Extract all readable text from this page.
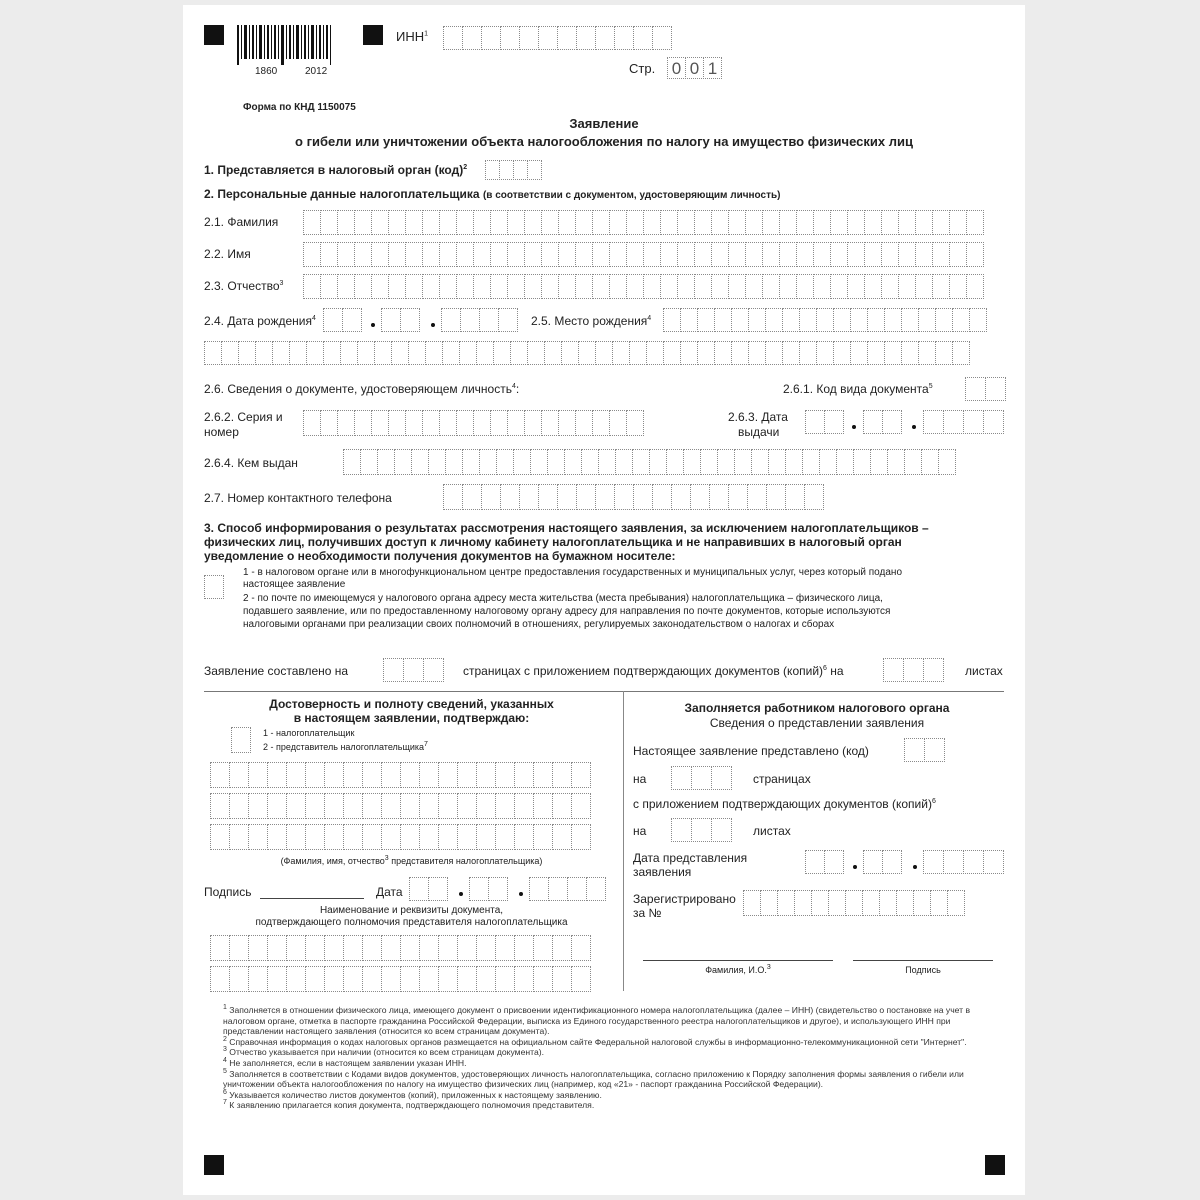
1860	2012
ИНН$^1$
Стр. 0 0 1
Форма по КНД 1150075
Заявление
о гибели или уничтожении объекта налогообложения по налогу на имущество физических лиц
1. Представляется в налоговый орган (код)$^2$
2. Персональные данные налогоплательщика (в соответствии с документом, удостоверяющим личность)
2.1. Фамилия
2.2. Имя
2.3. Отчество$^3$
2.4. Дата рождения$^4$	2.5. Место рождения$^4$
2.6. Сведения о документе, удостоверяющем личность$^4$:	2.6.1. Код вида документа$^5$
2.6.2. Серия и
номер
2.6.3. Дата
выдачи
2.6.4. Кем выдан
2.7. Номер контактного телефона
3. Способ информирования о результатах рассмотрения настоящего заявления, за исключением налогоплательщиков –
физических лиц, получивших доступ к личному кабинету налогоплательщика и не направивших в налоговый орган
уведомление о необходимости получения документов на бумажном носителе:
1 - в налоговом органе или в многофункциональном центре предоставления государственных и муниципальных услуг, через который подано
настоящее заявление
2 - по почте по имеющемуся у налогового органа адресу места жительства (места пребывания) налогоплательщика – физического лица,
подавшего заявление, или по предоставленному налоговому органу адресу для направления по почте документов, которые используются
налоговыми органами при реализации своих полномочий в отношениях, регулируемых законодательством о налогах и сборах
Заявление составлено на	страницах с приложением подтверждающих документов (копий)$^6$ на	листах
Достоверность и полноту сведений, указанных
в настоящем заявлении, подтверждаю:
1 - налогоплательщик
2 - представитель налогоплательщика$^7$
(Фамилия, имя, отчество$^3$ представителя налогоплательщика)
Подпись	Дата
Наименование и реквизиты документа,
подтверждающего полномочия представителя налогоплательщика
Заполняется работником налогового органа
Сведения о представлении заявления
Настоящее заявление представлено (код)
на	страницах
с приложением подтверждающих документов (копий)$^6$
на	листах
Дата представления
заявления
Зарегистрировано
за №
Фамилия, И.О.$^3$	Подпись
$^1$ Заполняется в отношении физического лица, имеющего документ о присвоении идентификационного номера налогоплательщика (далее – ИНН) (свидетельство о постановке на учет в налоговом органе, отметка в паспорте гражданина Российской Федерации, выписка из Единого государственного реестра налогоплательщиков и другое), и использующего ИНН при представлении настоящего заявления (относится ко всем страницам документа).
$^2$ Справочная информация о кодах налоговых органов размещается на официальном сайте Федеральной налоговой службы в информационно-телекоммуникационной сети "Интернет".
$^3$ Отчество указывается при наличии (относится ко всем страницам документа).
$^4$ Не заполняется, если в настоящем заявлении указан ИНН.
$^5$ Заполняется в соответствии с Кодами видов документов, удостоверяющих личность налогоплательщика, согласно приложению к Порядку заполнения формы заявления о гибели или уничтожении объекта налогообложения по налогу на имущество физических лиц (например, код «21» - паспорт гражданина Российской Федерации).
$^6$ Указывается количество листов документов (копий), приложенных к настоящему заявлению.
$^7$ К заявлению прилагается копия документа, подтверждающего полномочия представителя.
